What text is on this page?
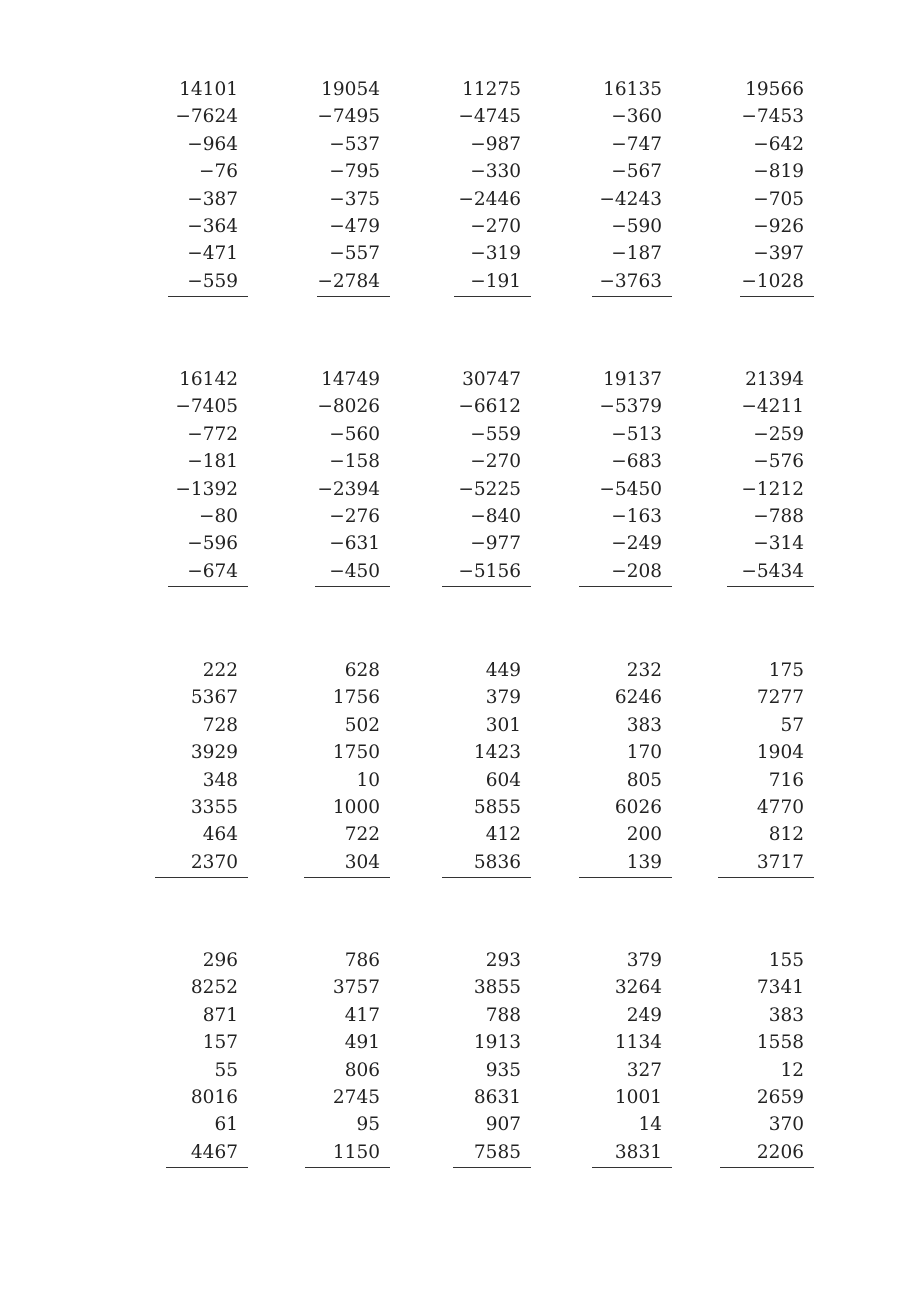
14101
−7624
−964
−76
−387
−364
−471
−559
19054
−7495
−537
−795
−375
−479
−557
−2784
11275
−4745
−987
−330
−2446
−270
−319
−191
16135
−360
−747
−567
−4243
−590
−187
−3763
19566
−7453
−642
−819
−705
−926
−397
−1028
16142
−7405
−772
−181
−1392
−80
−596
−674
14749
−8026
−560
−158
−2394
−276
−631
−450
30747
−6612
−559
−270
−5225
−840
−977
−5156
19137
−5379
−513
−683
−5450
−163
−249
−208
21394
−4211
−259
−576
−1212
−788
−314
−5434
222
5367
728
3929
348
3355
464
2370
628
1756
502
1750
10
1000
722
304
449
379
301
1423
604
5855
412
5836
232
6246
383
170
805
6026
200
139
175
7277
57
1904
716
4770
812
3717
296
8252
871
157
55
8016
61
4467
786
3757
417
491
806
2745
95
1150
293
3855
788
1913
935
8631
907
7585
379
3264
249
1134
327
1001
14
3831
155
7341
383
1558
12
2659
370
2206
